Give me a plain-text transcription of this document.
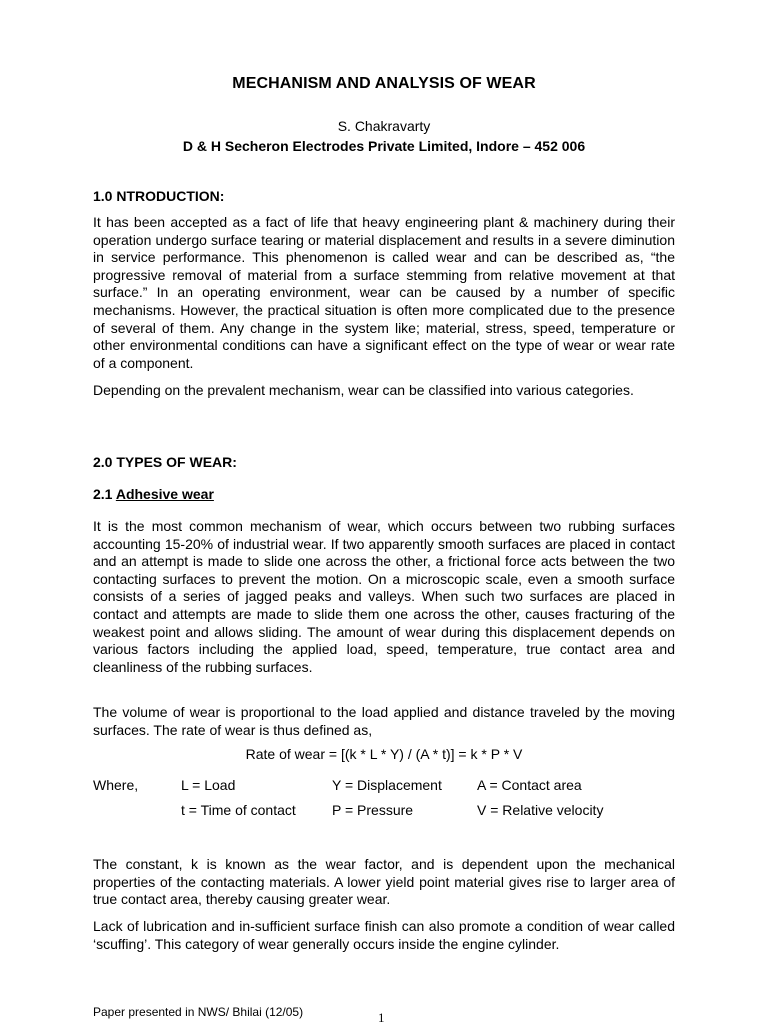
MECHANISM AND ANALYSIS OF WEAR
S. Chakravarty
D & H Secheron Electrodes Private Limited, Indore – 452 006
1.0 NTRODUCTION:

It has been accepted as a fact of life that heavy engineering plant & machinery during their operation undergo surface tearing or material displacement and results in a severe diminution in service performance. This phenomenon is called wear and can be described as, “the progressive removal of material from a surface stemming from relative movement at that surface.” In an operating environment, wear can be caused by a number of specific mechanisms. However, the practical situation is often more complicated due to the presence of several of them. Any change in the system like; material, stress, speed, temperature or other environmental conditions can have a significant effect on the type of wear or wear rate of a component.

Depending on the prevalent mechanism, wear can be classified into various categories.

2.0 TYPES OF WEAR:
2.1 Adhesive wear

It is the most common mechanism of wear, which occurs between two rubbing surfaces accounting 15-20% of industrial wear. If two apparently smooth surfaces are placed in contact and an attempt is made to slide one across the other, a frictional force acts between the two contacting surfaces to prevent the motion. On a microscopic scale, even a smooth surface consists of a series of jagged peaks and valleys. When such two surfaces are placed in contact and attempts are made to slide them one across the other, causes fracturing of the weakest point and allows sliding. The amount of wear during this displacement depends on various factors including the applied load, speed, temperature, true contact area and cleanliness of the rubbing surfaces.

The volume of wear is proportional to the load applied and distance traveled by the moving surfaces. The rate of wear is thus defined as,

Rate of wear = [(k * L * Y) / (A * t)] = k * P * V
Where,	L = Load	Y = Displacement	A = Contact area
t = Time of contact	P = Pressure	V = Relative velocity

The constant, k is known as the wear factor, and is dependent upon the mechanical properties of the contacting materials. A lower yield point material gives rise to larger area of true contact area, thereby causing greater wear.

Lack of lubrication and in-sufficient surface finish can also promote a condition of wear called ‘scuffing’. This category of wear generally occurs inside the engine cylinder.

Paper presented in NWS/ Bhilai (12/05)	1
